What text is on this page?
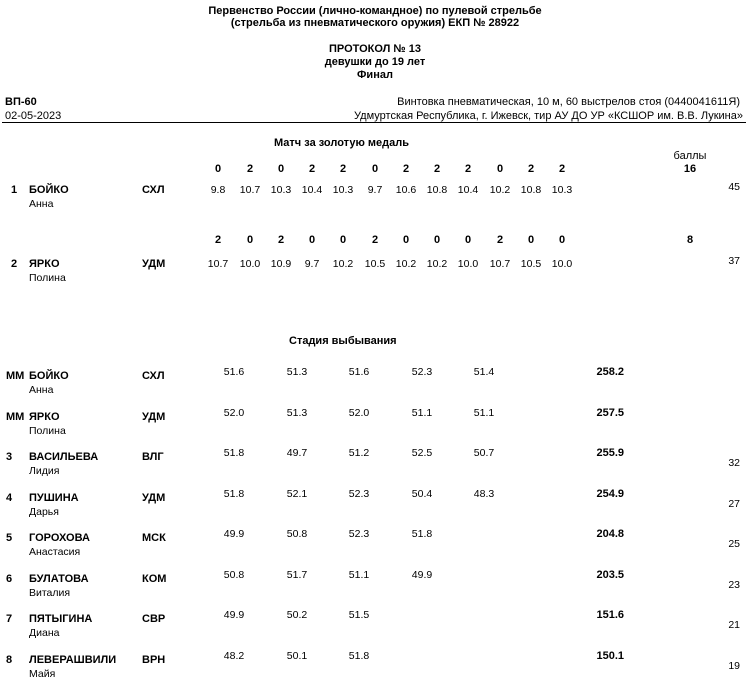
Первенство России (лично-командное) по пулевой стрельбе
(стрельба из пневматического оружия) ЕКП № 28922
ПРОТОКОЛ № 13
девушки до 19 лет
Финал
ВП-60
02-05-2023
Винтовка пневматическая, 10 м, 60 выстрелов стоя (0440041611Я)
Удмуртская Республика, г. Ижевск, тир АУ ДО УР «КСШОР им. В.В. Лукина»
Матч за золотую медаль
баллы
1 БОЙКО
Анна
СХЛ
0	2	0	2	2	0	2	2	2	0	2	2
9.8	10.7	10.3	10.4	10.3	9.7	10.6	10.8	10.4	10.2	10.8	10.3
16
45
2 ЯРКО
Полина
УДМ
2	0	2	0	0	2	0	0	0	2	0	0
10.7	10.0	10.9	9.7	10.2	10.5	10.2	10.2	10.0	10.7	10.5	10.0
8
37
Стадия выбывания
ММ БОЙКО
Анна
СХЛ	51.6	51.3	51.6	52.3	51.4	258.2
ММ ЯРКО
Полина
УДМ	52.0	51.3	52.0	51.1	51.1	257.5
3 ВАСИЛЬЕВА
Лидия
ВЛГ	51.8	49.7	51.2	52.5	50.7	255.9
32
4 ПУШИНА
Дарья
УДМ	51.8	52.1	52.3	50.4	48.3	254.9
27
5 ГОРОХОВА
Анастасия
МСК	49.9	50.8	52.3	51.8	204.8
25
6 БУЛАТОВА
Виталия
КОМ	50.8	51.7	51.1	49.9	203.5
23
7 ПЯТЫГИНА
Диана
СВР	49.9	50.2	51.5	151.6
21
8 ЛЕВЕРАШВИЛИ
Майя
ВРН	48.2	50.1	51.8	150.1
19
